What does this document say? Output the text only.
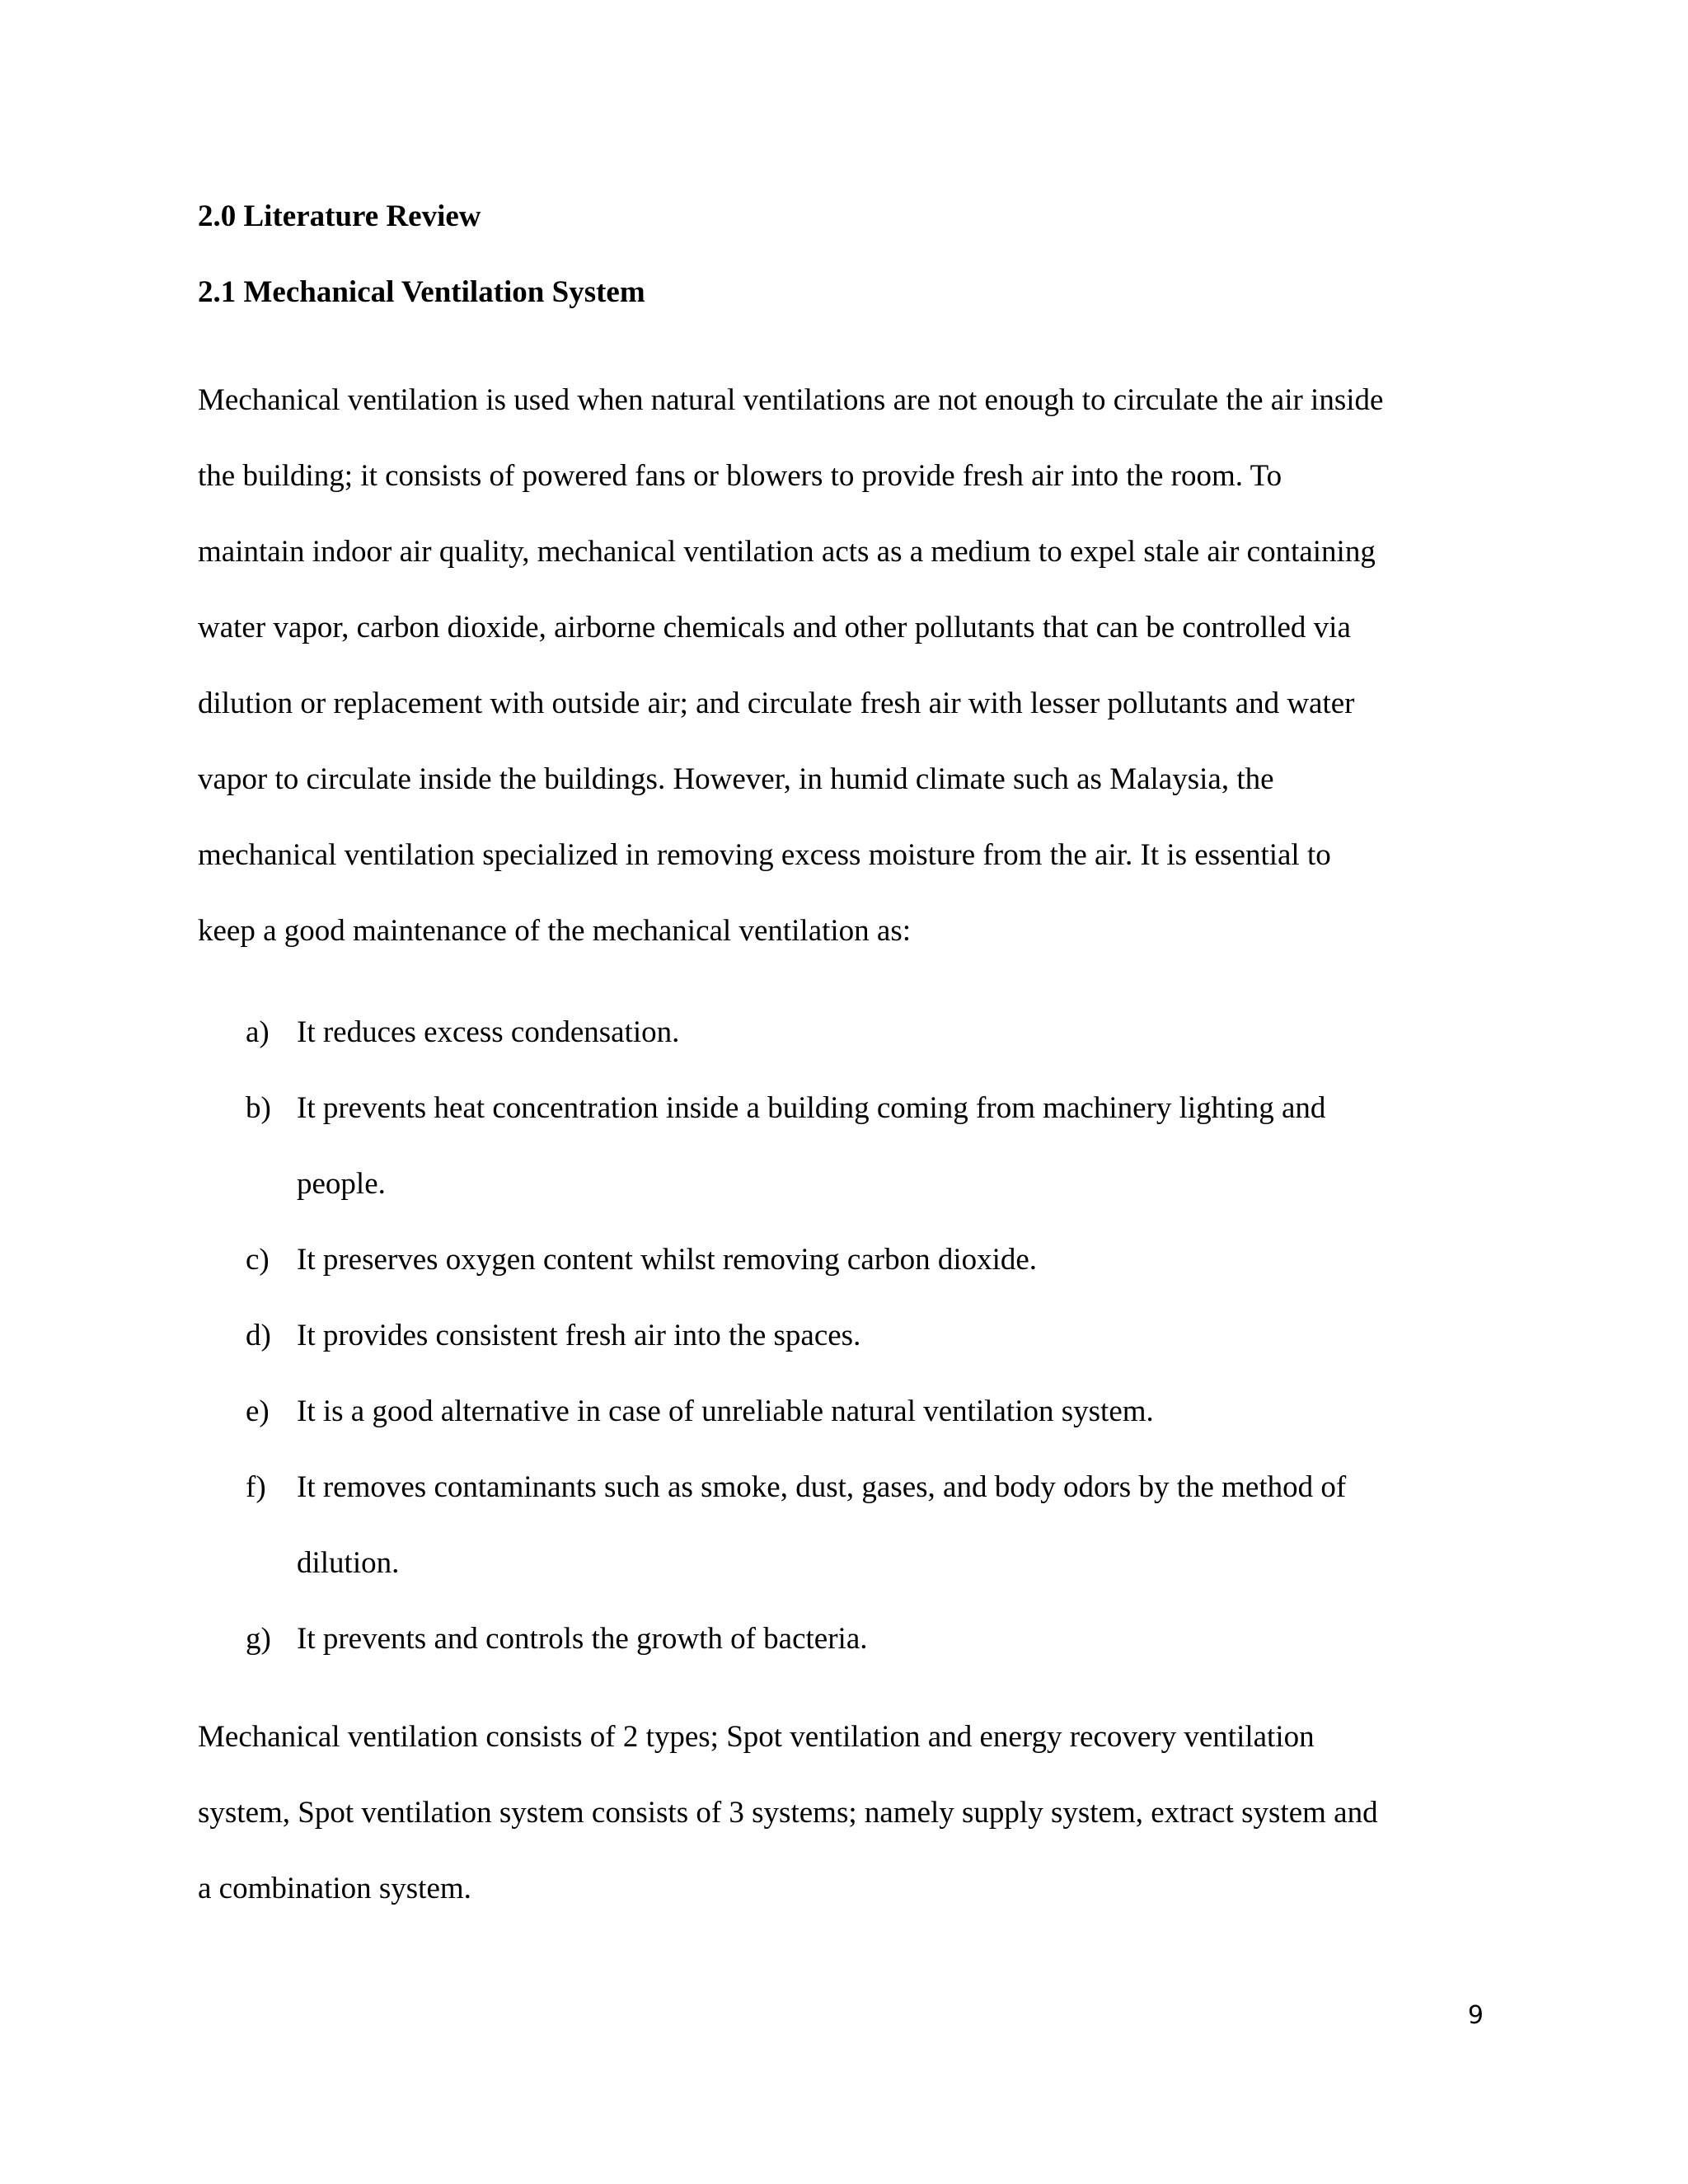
2.0 Literature Review
2.1 Mechanical Ventilation System

Mechanical ventilation is used when natural ventilations are not enough to circulate the air inside
the building; it consists of powered fans or blowers to provide fresh air into the room. To
maintain indoor air quality, mechanical ventilation acts as a medium to expel stale air containing
water vapor, carbon dioxide, airborne chemicals and other pollutants that can be controlled via
dilution or replacement with outside air; and circulate fresh air with lesser pollutants and water
vapor to circulate inside the buildings. However, in humid climate such as Malaysia, the
mechanical ventilation specialized in removing excess moisture from the air. It is essential to
keep a good maintenance of the mechanical ventilation as:

a) It reduces excess condensation.
b) It prevents heat concentration inside a building coming from machinery lighting and
people.
c) It preserves oxygen content whilst removing carbon dioxide.
d) It provides consistent fresh air into the spaces.
e) It is a good alternative in case of unreliable natural ventilation system.
f) It removes contaminants such as smoke, dust, gases, and body odors by the method of
dilution.
g) It prevents and controls the growth of bacteria.

Mechanical ventilation consists of 2 types; Spot ventilation and energy recovery ventilation
system, Spot ventilation system consists of 3 systems; namely supply system, extract system and
a combination system.

9
